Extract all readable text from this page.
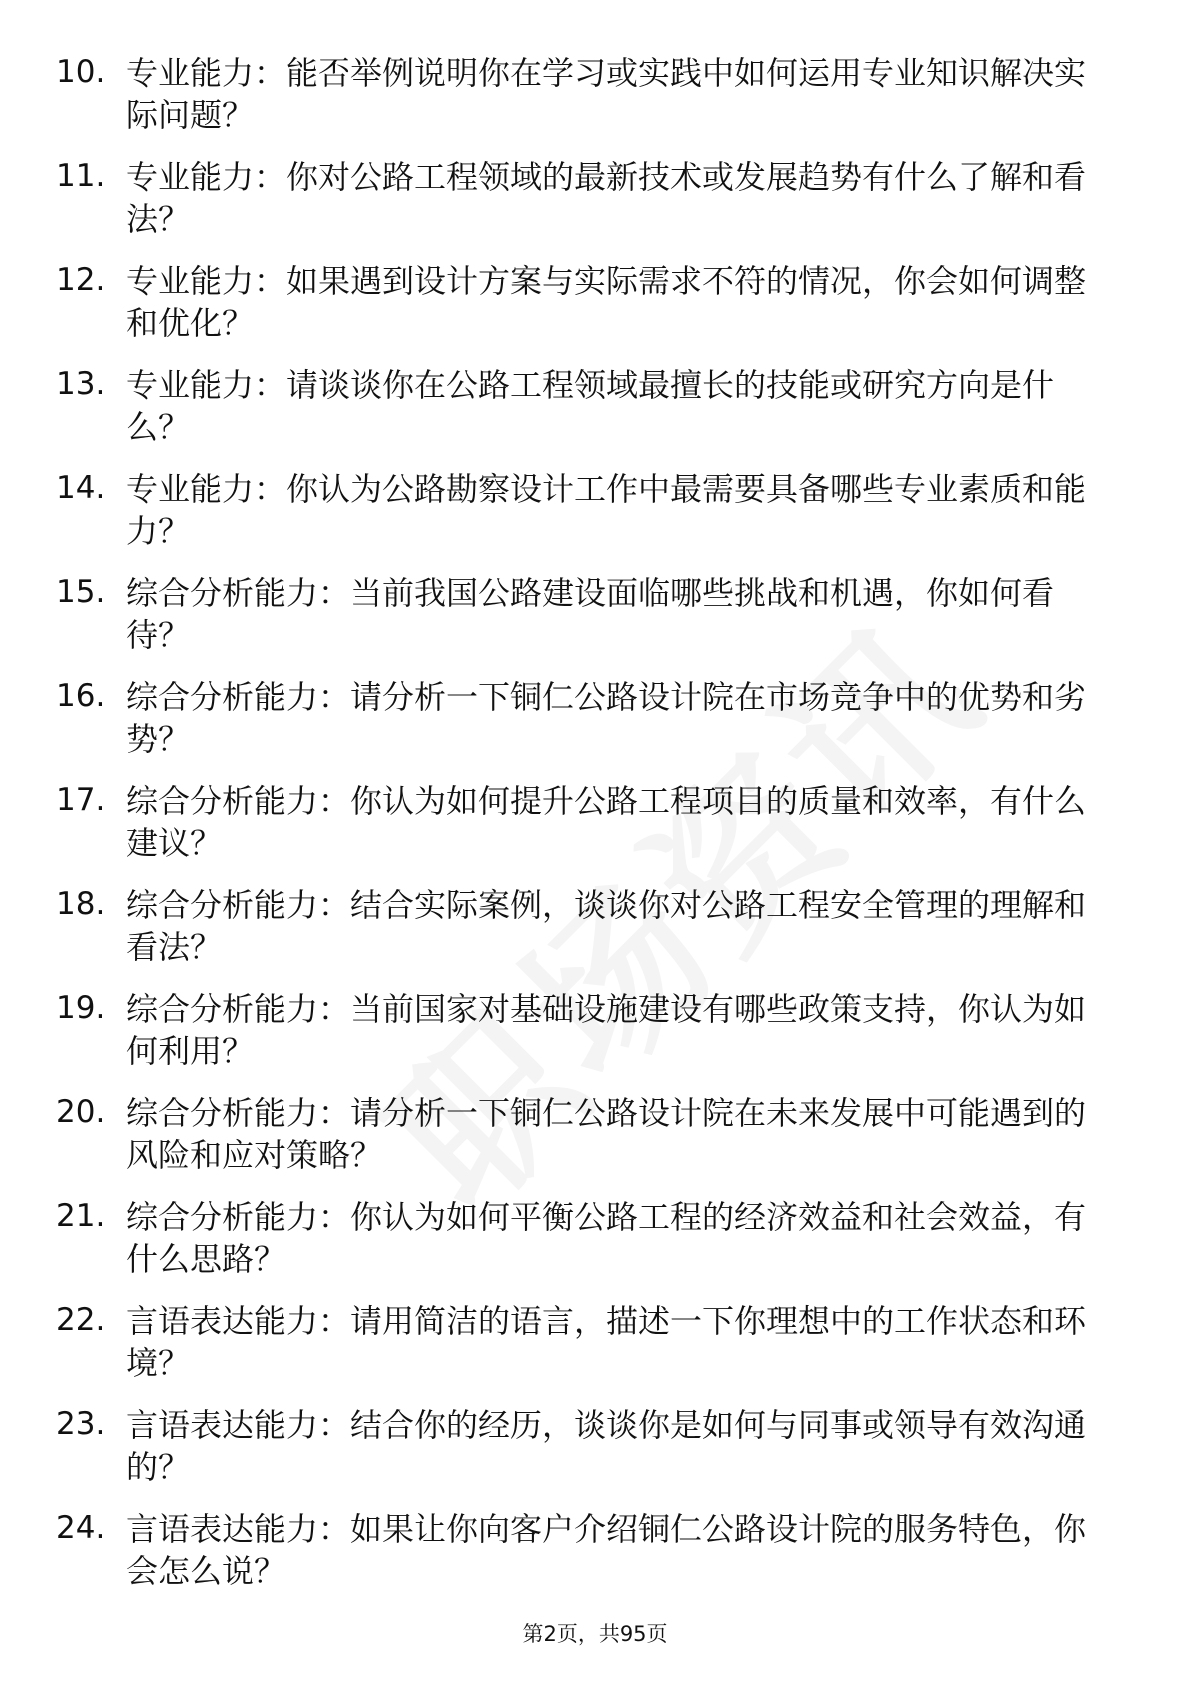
10. 专业能力：能否举例说明你在学习或实践中如何运用专业知识解决实际问题？
11. 专业能力：你对公路工程领域的最新技术或发展趋势有什么了解和看法？
12. 专业能力：如果遇到设计方案与实际需求不符的情况，你会如何调整和优化？
13. 专业能力：请谈谈你在公路工程领域最擅长的技能或研究方向是什么？
14. 专业能力：你认为公路勘察设计工作中最需要具备哪些专业素质和能力？
15. 综合分析能力：当前我国公路建设面临哪些挑战和机遇，你如何看待？
16. 综合分析能力：请分析一下铜仁公路设计院在市场竞争中的优势和劣势？
17. 综合分析能力：你认为如何提升公路工程项目的质量和效率，有什么建议？
18. 综合分析能力：结合实际案例，谈谈你对公路工程安全管理的理解和看法？
19. 综合分析能力：当前国家对基础设施建设有哪些政策支持，你认为如何利用？
20. 综合分析能力：请分析一下铜仁公路设计院在未来发展中可能遇到的风险和应对策略？
21. 综合分析能力：你认为如何平衡公路工程的经济效益和社会效益，有什么思路？
22. 言语表达能力：请用简洁的语言，描述一下你理想中的工作状态和环境？
23. 言语表达能力：结合你的经历，谈谈你是如何与同事或领导有效沟通的？
24. 言语表达能力：如果让你向客户介绍铜仁公路设计院的服务特色，你会怎么说？
第2页，共95页
